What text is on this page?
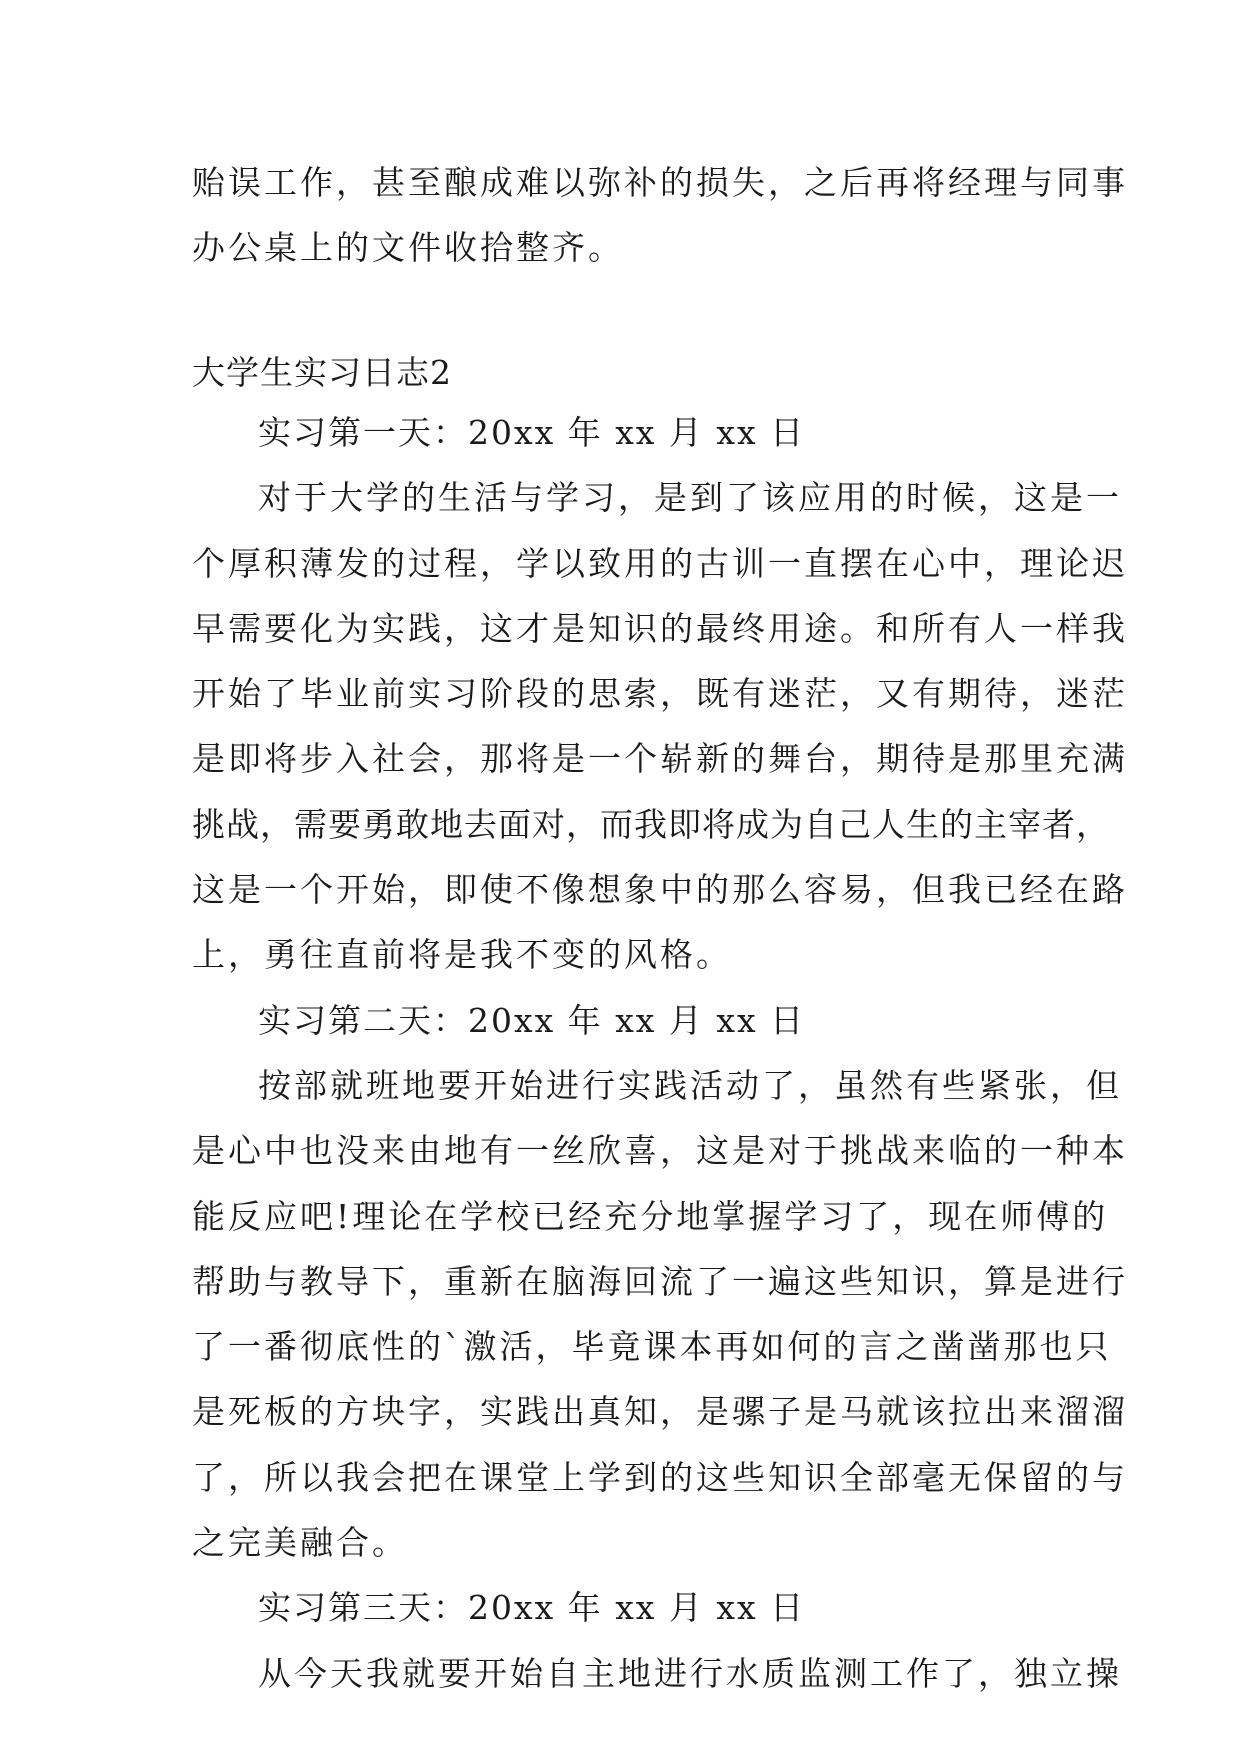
贻误工作，甚至酿成难以弥补的损失，之后再将经理与同事
办公桌上的文件收拾整齐。
大学生实习日志2
实习第一天：20xx 年 xx 月 xx 日
对于大学的生活与学习，是到了该应用的时候，这是一
个厚积薄发的过程，学以致用的古训一直摆在心中，理论迟
早需要化为实践，这才是知识的最终用途。和所有人一样我
开始了毕业前实习阶段的思索，既有迷茫，又有期待，迷茫
是即将步入社会，那将是一个崭新的舞台，期待是那里充满
挑战，需要勇敢地去面对，而我即将成为自己人生的主宰者，
这是一个开始，即使不像想象中的那么容易，但我已经在路
上，勇往直前将是我不变的风格。
实习第二天：20xx 年 xx 月 xx 日
按部就班地要开始进行实践活动了，虽然有些紧张，但
是心中也没来由地有一丝欣喜，这是对于挑战来临的一种本
能反应吧!理论在学校已经充分地掌握学习了，现在师傅的
帮助与教导下，重新在脑海回流了一遍这些知识，算是进行
了一番彻底性的`激活，毕竟课本再如何的言之凿凿那也只
是死板的方块字，实践出真知，是骡子是马就该拉出来溜溜
了，所以我会把在课堂上学到的这些知识全部毫无保留的与
之完美融合。
实习第三天：20xx 年 xx 月 xx 日
从今天我就要开始自主地进行水质监测工作了，独立操
